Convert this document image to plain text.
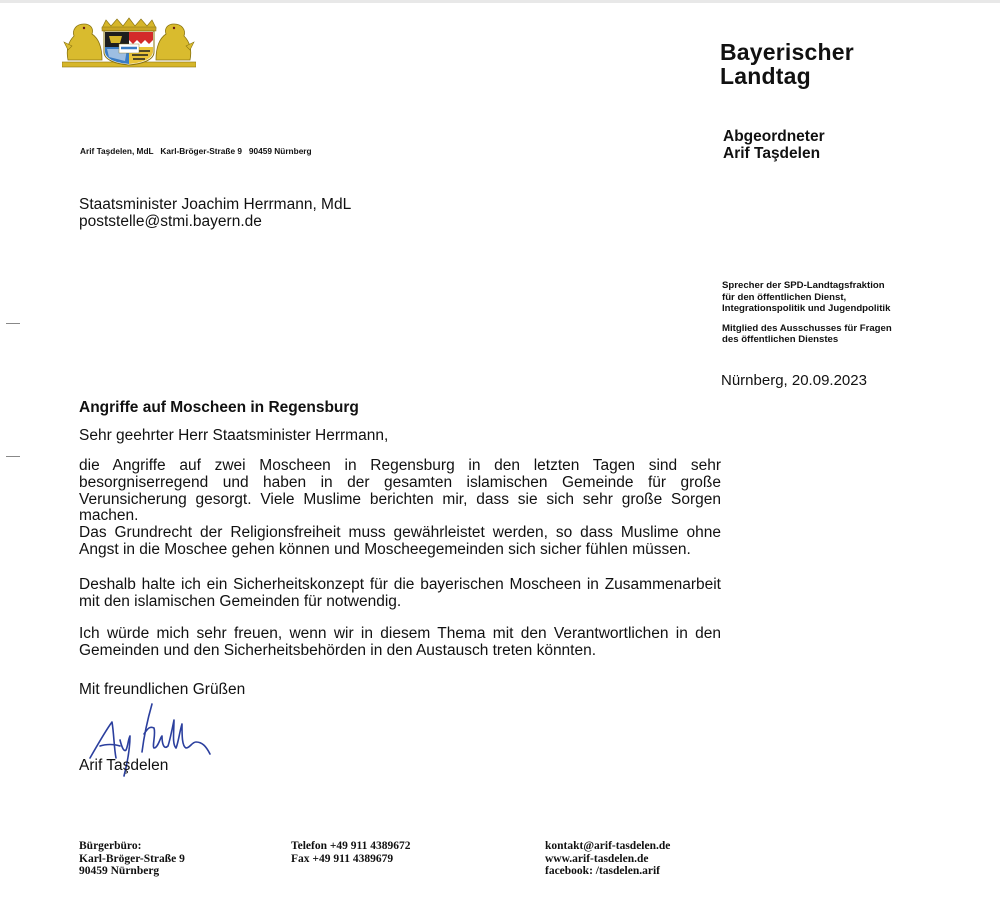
Bayerischer
Landtag
Abgeordneter
Arif Taşdelen
Arif Taşdelen, MdL   Karl-Bröger-Straße 9   90459 Nürnberg
Staatsminister Joachim Herrmann, MdL
poststelle@stmi.bayern.de
Sprecher der SPD-Landtagsfraktion
für den öffentlichen Dienst,
Integrationspolitik und Jugendpolitik
Mitglied des Ausschusses für Fragen
des öffentlichen Dienstes
Nürnberg, 20.09.2023
Angriffe auf Moscheen in Regensburg
Sehr geehrter Herr Staatsminister Herrmann,

die Angriffe auf zwei Moscheen in Regensburg in den letzten Tagen sind sehr besorgniserregend und haben in der gesamten islamischen Gemeinde für große Verunsicherung gesorgt. Viele Muslime berichten mir, dass sie sich sehr große Sorgen machen.

Das Grundrecht der Religionsfreiheit muss gewährleistet werden, so dass Muslime ohne Angst in die Moschee gehen können und Moscheegemeinden sich sicher fühlen müssen.

Deshalb halte ich ein Sicherheitskonzept für die bayerischen Moscheen in Zusammenarbeit mit den islamischen Gemeinden für notwendig.

Ich würde mich sehr freuen, wenn wir in diesem Thema mit den Verantwortlichen in den Gemeinden und den Sicherheitsbehörden in den Austausch treten könnten.

Mit freundlichen Grüßen
Arif Taşdelen
Bürgerbüro:
Karl-Bröger-Straße 9
90459 Nürnberg
Telefon +49 911 4389672
Fax +49 911 4389679
kontakt@arif-tasdelen.de
www.arif-tasdelen.de
facebook: /tasdelen.arif
